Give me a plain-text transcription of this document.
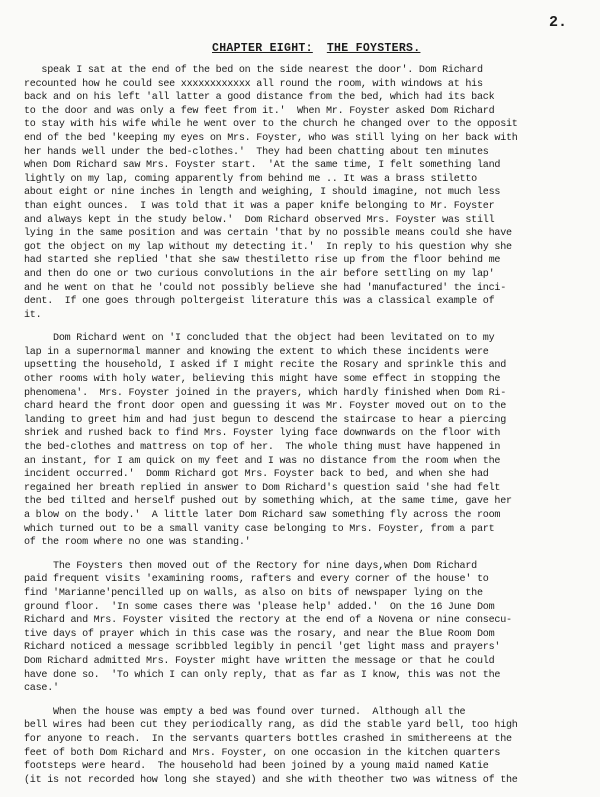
2.
CHAPTER EIGHT: THE FOYSTERS.
speak I sat at the end of the bed on the side nearest the door'. Dom Richard
recounted how he could see xxxxxxxxxxxx all round the room, with windows at his
back and on his left 'all latter a good distance from the bed, which had its back
to the door and was only a few feet from it.'  When Mr. Foyster asked Dom Richard
to stay with his wife while he went over to the church he changed over to the opposit
end of the bed 'keeping my eyes on Mrs. Foyster, who was still lying on her back with
her hands well under the bed-clothes.'  They had been chatting about ten minutes
when Dom Richard saw Mrs. Foyster start.  'At the same time, I felt something land
lightly on my lap, coming apparently from behind me .. It was a brass stiletto
about eight or nine inches in length and weighing, I should imagine, not much less
than eight ounces.  I was told that it was a paper knife belonging to Mr. Foyster
and always kept in the study below.'  Dom Richard observed Mrs. Foyster was still
lying in the same position and was certain 'that by no possible means could she have
got the object on my lap without my detecting it.'  In reply to his question why she
had started she replied 'that she saw thestiletto rise up from the floor behind me
and then do one or two curious convolutions in the air before settling on my lap'
and he went on that he 'could not possibly believe she had 'manufactured' the inci-
dent.  If one goes through poltergeist literature this was a classical example of
it.
Dom Richard went on 'I concluded that the object had been levitated on to my
lap in a supernormal manner and knowing the extent to which these incidents were
upsetting the household, I asked if I might recite the Rosary and sprinkle this and
other rooms with holy water, believing this might have some effect in stopping the
phenomena'.  Mrs. Foyster joined in the prayers, which hardly finished when Dom Ri-
chard heard the front door open and guessing it was Mr. Foyster moved out on to the
landing to greet him and had just begun to descend the staircase to hear a piercing
shriek and rushed back to find Mrs. Foyster lying face downwards on the floor with
the bed-clothes and mattress on top of her.  The whole thing must have happened in
an instant, for I am quick on my feet and I was no distance from the room when the
incident occurred.'  Domm Richard got Mrs. Foyster back to bed, and when she had
regained her breath replied in answer to Dom Richard's question said 'she had felt
the bed tilted and herself pushed out by something which, at the same time, gave her
a blow on the body.'  A little later Dom Richard saw something fly across the room
which turned out to be a small vanity case belonging to Mrs. Foyster, from a part
of the room where no one was standing.'
The Foysters then moved out of the Rectory for nine days,when Dom Richard
paid frequent visits 'examining rooms, rafters and every corner of the house' to
find 'Marianne'pencilled up on walls, as also on bits of newspaper lying on the
ground floor.  'In some cases there was 'please help' added.'  On the 16 June Dom
Richard and Mrs. Foyster visited the rectory at the end of a Novena or nine consecu-
tive days of prayer which in this case was the rosary, and near the Blue Room Dom
Richard noticed a message scribbled legibly in pencil 'get light mass and prayers'
Dom Richard admitted Mrs. Foyster might have written the message or that he could
have done so.  'To which I can only reply, that as far as I know, this was not the
case.'
When the house was empty a bed was found over turned.  Although all the
bell wires had been cut they periodically rang, as did the stable yard bell, too high
for anyone to reach.  In the servants quarters bottles crashed in smithereens at the
feet of both Dom Richard and Mrs. Foyster, on one occasion in the kitchen quarters
footsteps were heard.  The household had been joined by a young maid named Katie
(it is not recorded how long she stayed) and she with theother two was witness of the
